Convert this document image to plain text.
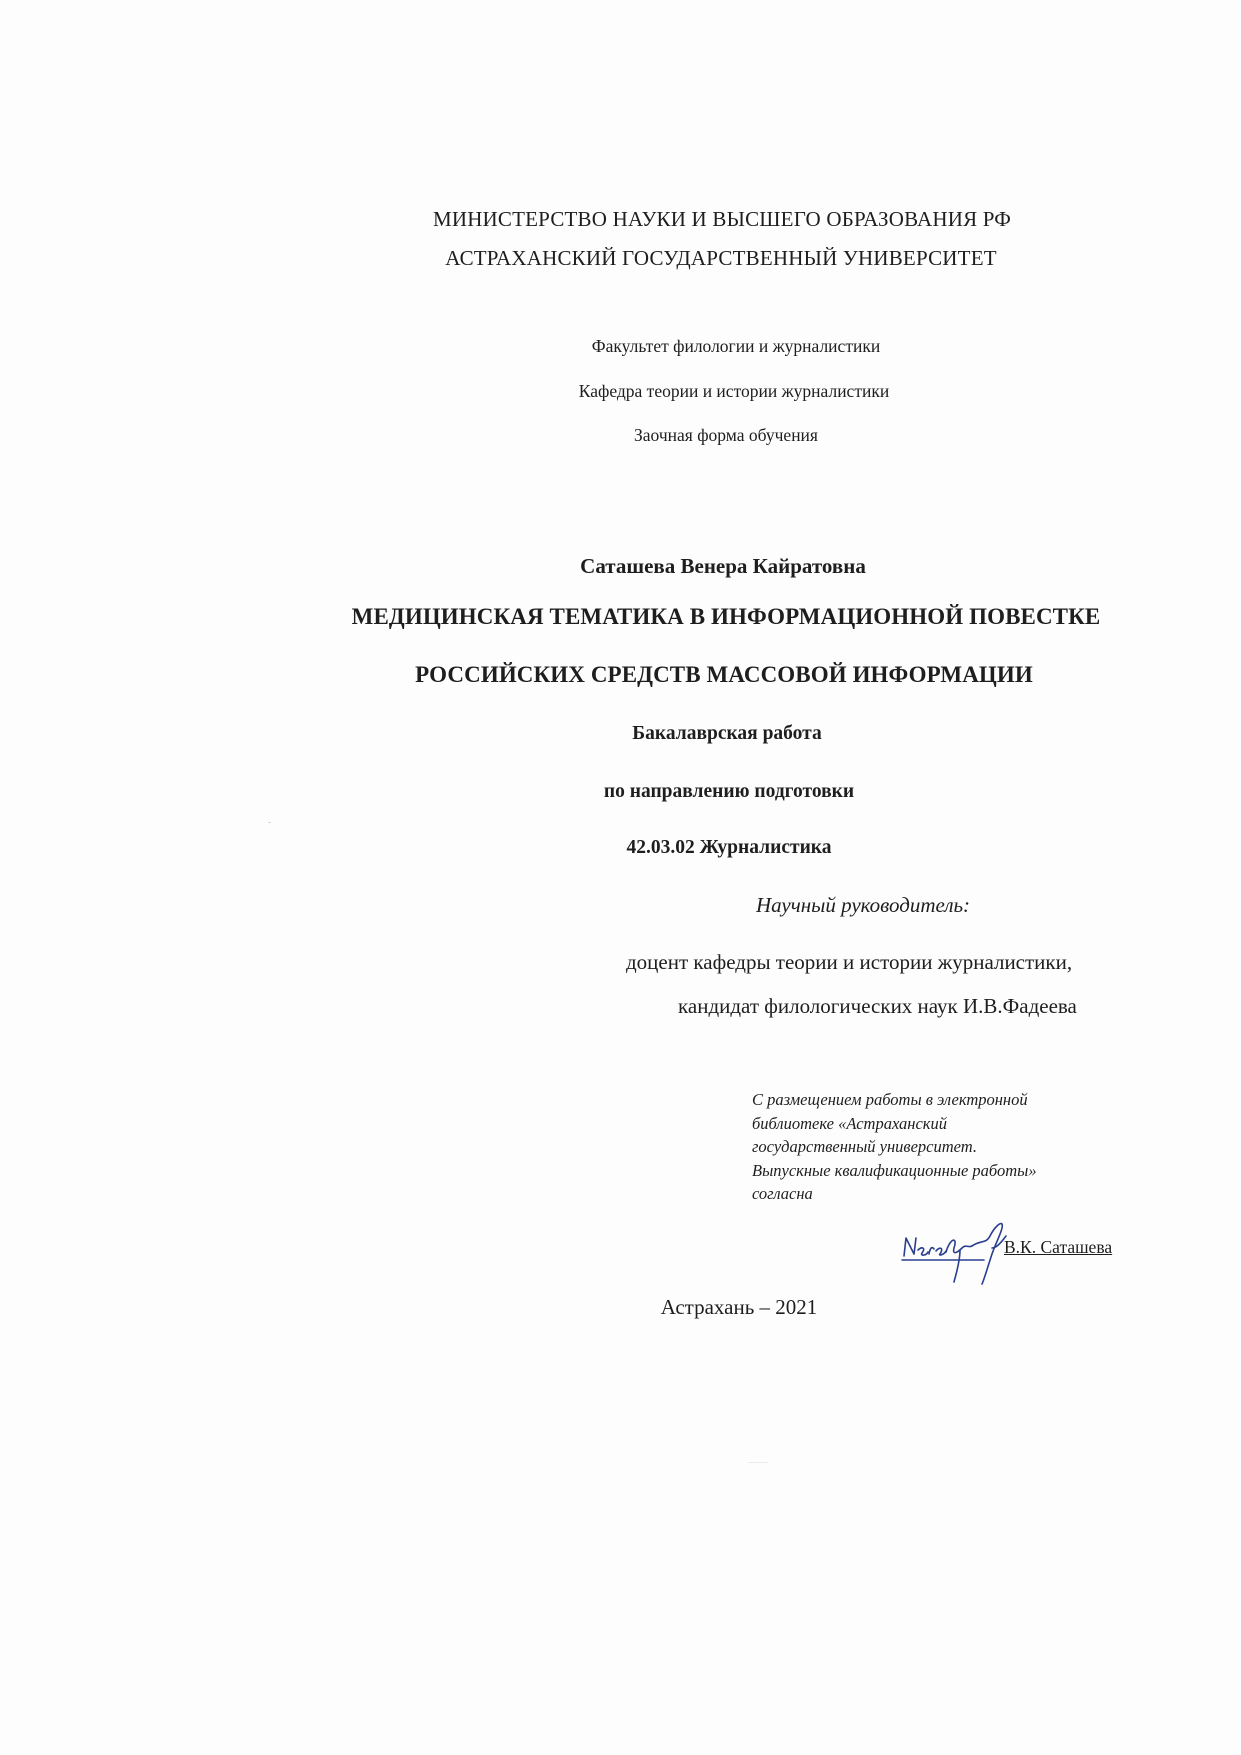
МИНИСТЕРСТВО НАУКИ И ВЫСШЕГО ОБРАЗОВАНИЯ РФ
АСТРАХАНСКИЙ ГОСУДАРСТВЕННЫЙ УНИВЕРСИТЕТ
Факультет филологии и журналистики
Кафедра теории и истории журналистики
Заочная форма обучения
Саташева Венера Кайратовна
МЕДИЦИНСКАЯ ТЕМАТИКА В ИНФОРМАЦИОННОЙ ПОВЕСТКЕ
РОССИЙСКИХ СРЕДСТВ МАССОВОЙ ИНФОРМАЦИИ
Бакалаврская работа
по направлению подготовки
42.03.02 Журналистика
Научный руководитель:
доцент кафедры теории и истории журналистики,
кандидат филологических наук И.В.Фадеева
С размещением работы в электронной
библиотеке «Астраханский
государственный университет.
Выпускные квалификационные работы»
согласна
В.К. Саташева
Астрахань – 2021
